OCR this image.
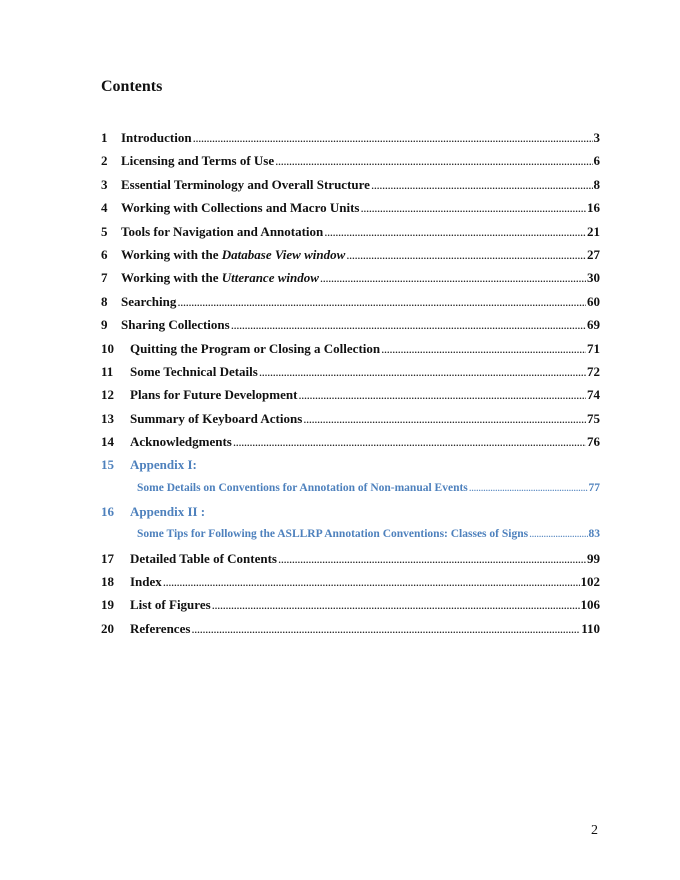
Contents
1	Introduction .....	3
2	Licensing and Terms of Use .....	6
3	Essential Terminology and Overall Structure .....	8
4	Working with Collections and Macro Units .....	16
5	Tools for Navigation and Annotation .....	21
6	Working with the Database View window .....	27
7	Working with the Utterance window .....	30
8	Searching .....	60
9	Sharing Collections .....	69
10	Quitting the Program or Closing a Collection .....	71
11	Some Technical Details .....	72
12	Plans for Future Development .....	74
13	Summary of Keyboard Actions .....	75
14	Acknowledgments .....	76
15	Appendix I:
Some Details on Conventions for Annotation of Non-manual Events .....	77
16	Appendix II :
Some Tips for Following the ASLLRP Annotation Conventions: Classes of Signs .....	83
17	Detailed Table of Contents .....	99
18	Index .....	102
19	List of Figures .....	106
20	References .....	110
2
